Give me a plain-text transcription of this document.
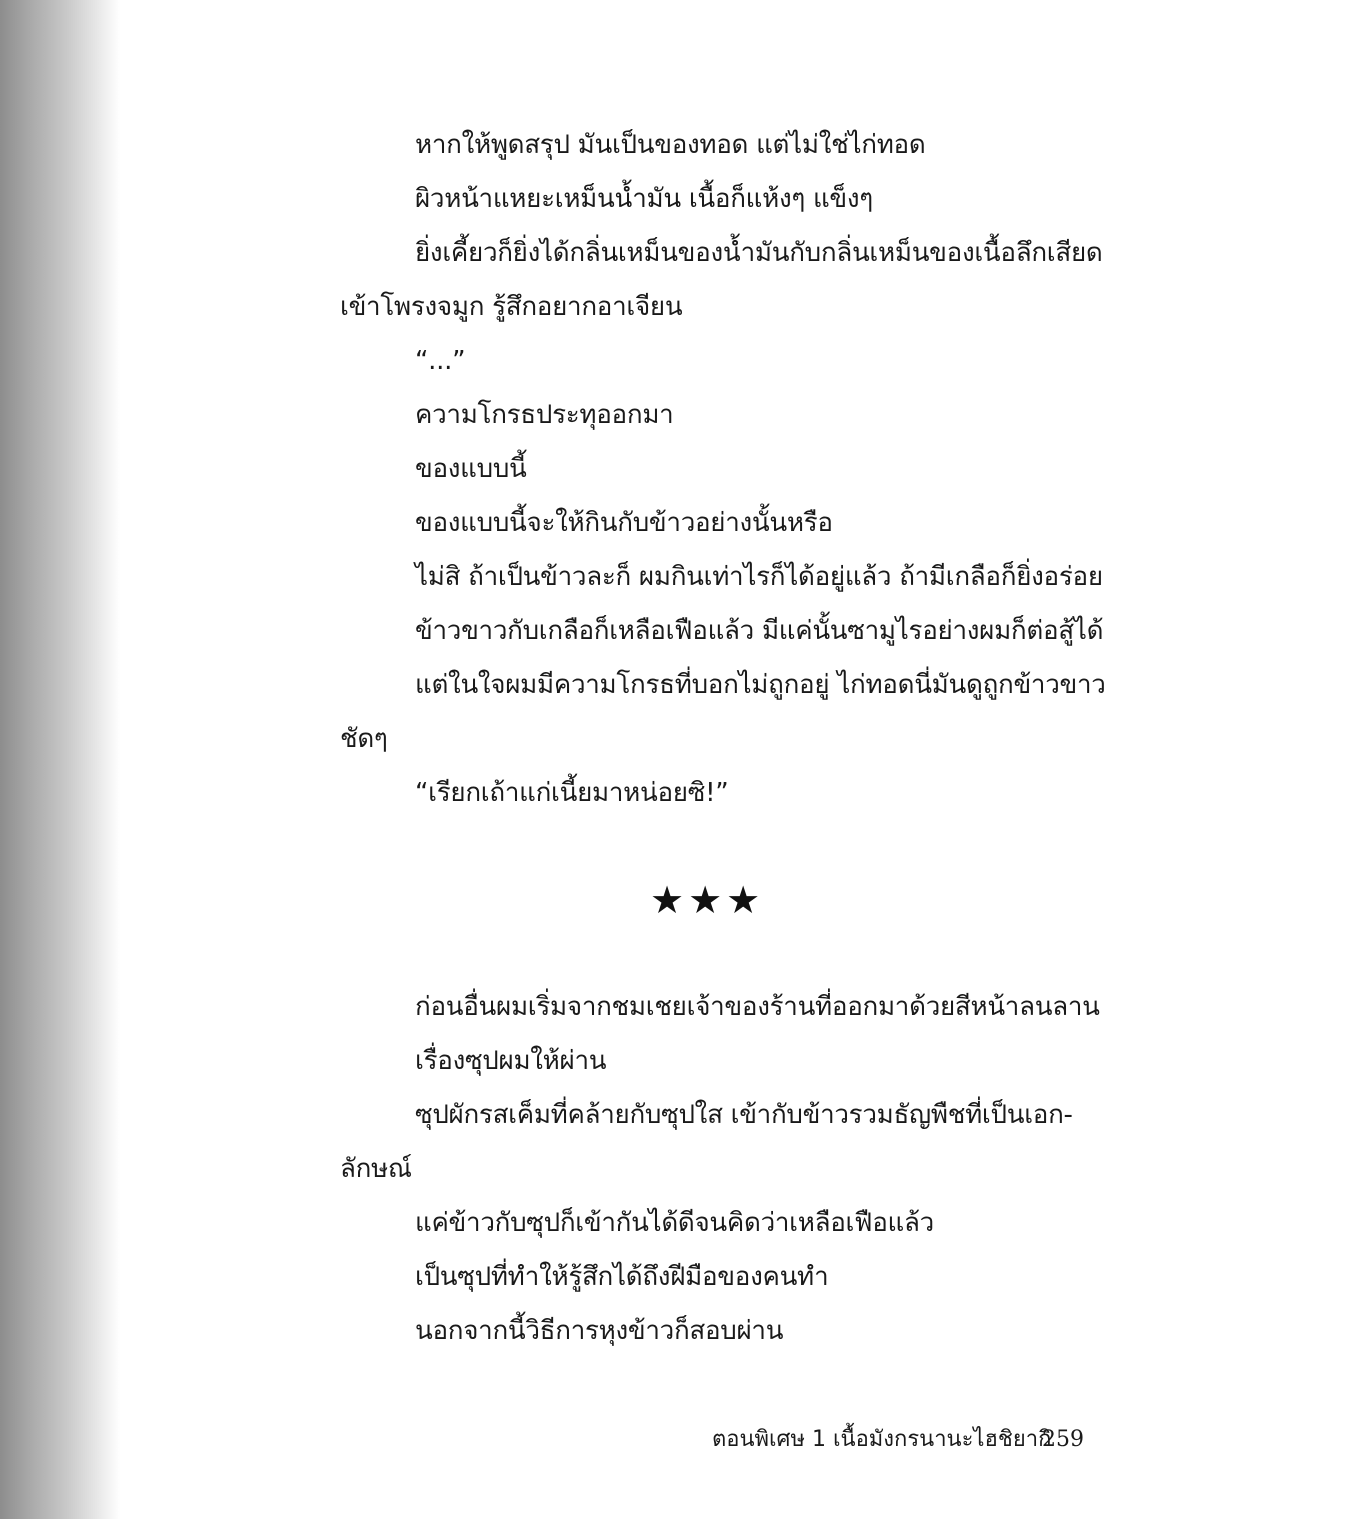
หากให้พูดสรุป มันเป็นของทอด แต่ไม่ใช่ไก่ทอด
ผิวหน้าแหยะเหม็นน้ำมัน เนื้อก็แห้งๆ แข็งๆ
ยิ่งเคี้ยวก็ยิ่งได้กลิ่นเหม็นของน้ำมันกับกลิ่นเหม็นของเนื้อลึกเสียด
เข้าโพรงจมูก รู้สึกอยากอาเจียน
“...”
ความโกรธประทุออกมา
ของแบบนี้
ของแบบนี้จะให้กินกับข้าวอย่างนั้นหรือ
ไม่สิ ถ้าเป็นข้าวละก็ ผมกินเท่าไรก็ได้อยู่แล้ว ถ้ามีเกลือก็ยิ่งอร่อย
ข้าวขาวกับเกลือก็เหลือเฟือแล้ว มีแค่นั้นซามูไรอย่างผมก็ต่อสู้ได้
แต่ในใจผมมีความโกรธที่บอกไม่ถูกอยู่ ไก่ทอดนี่มันดูถูกข้าวขาว
ชัดๆ
“เรียกเถ้าแก่เนี้ยมาหน่อยซิ!”
★★★
ก่อนอื่นผมเริ่มจากชมเชยเจ้าของร้านที่ออกมาด้วยสีหน้าลนลาน
เรื่องซุปผมให้ผ่าน
ซุปผักรสเค็มที่คล้ายกับซุปใส เข้ากับข้าวรวมธัญพืชที่เป็นเอก-
ลักษณ์
แค่ข้าวกับซุปก็เข้ากันได้ดีจนคิดว่าเหลือเฟือแล้ว
เป็นซุปที่ทำให้รู้สึกได้ถึงฝีมือของคนทำ
นอกจากนี้วิธีการหุงข้าวก็สอบผ่าน
ตอนพิเศษ 1 เนื้อมังกรนานะไฮชิยากิ
259
